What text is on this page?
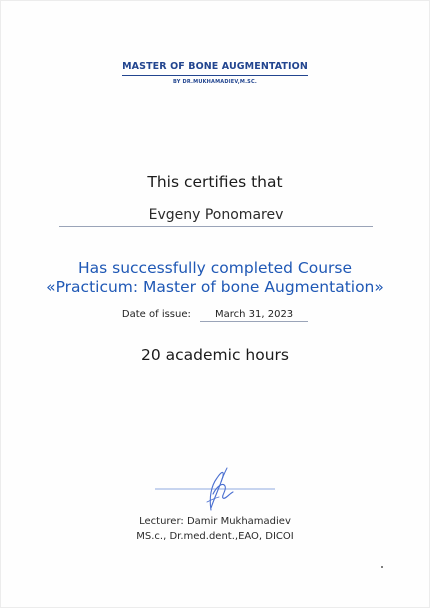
MASTER OF BONE AUGMENTATION
BY DR.MUKHAMADIEV,M.SC.
This certifies that
Evgeny Ponomarev
Has successfully completed Course
«Practicum: Master of bone Augmentation»
Date of issue: March 31, 2023
20 academic hours
Lecturer: Damir Mukhamadiev
MS.c., Dr.med.dent.,EAO, DICOI
